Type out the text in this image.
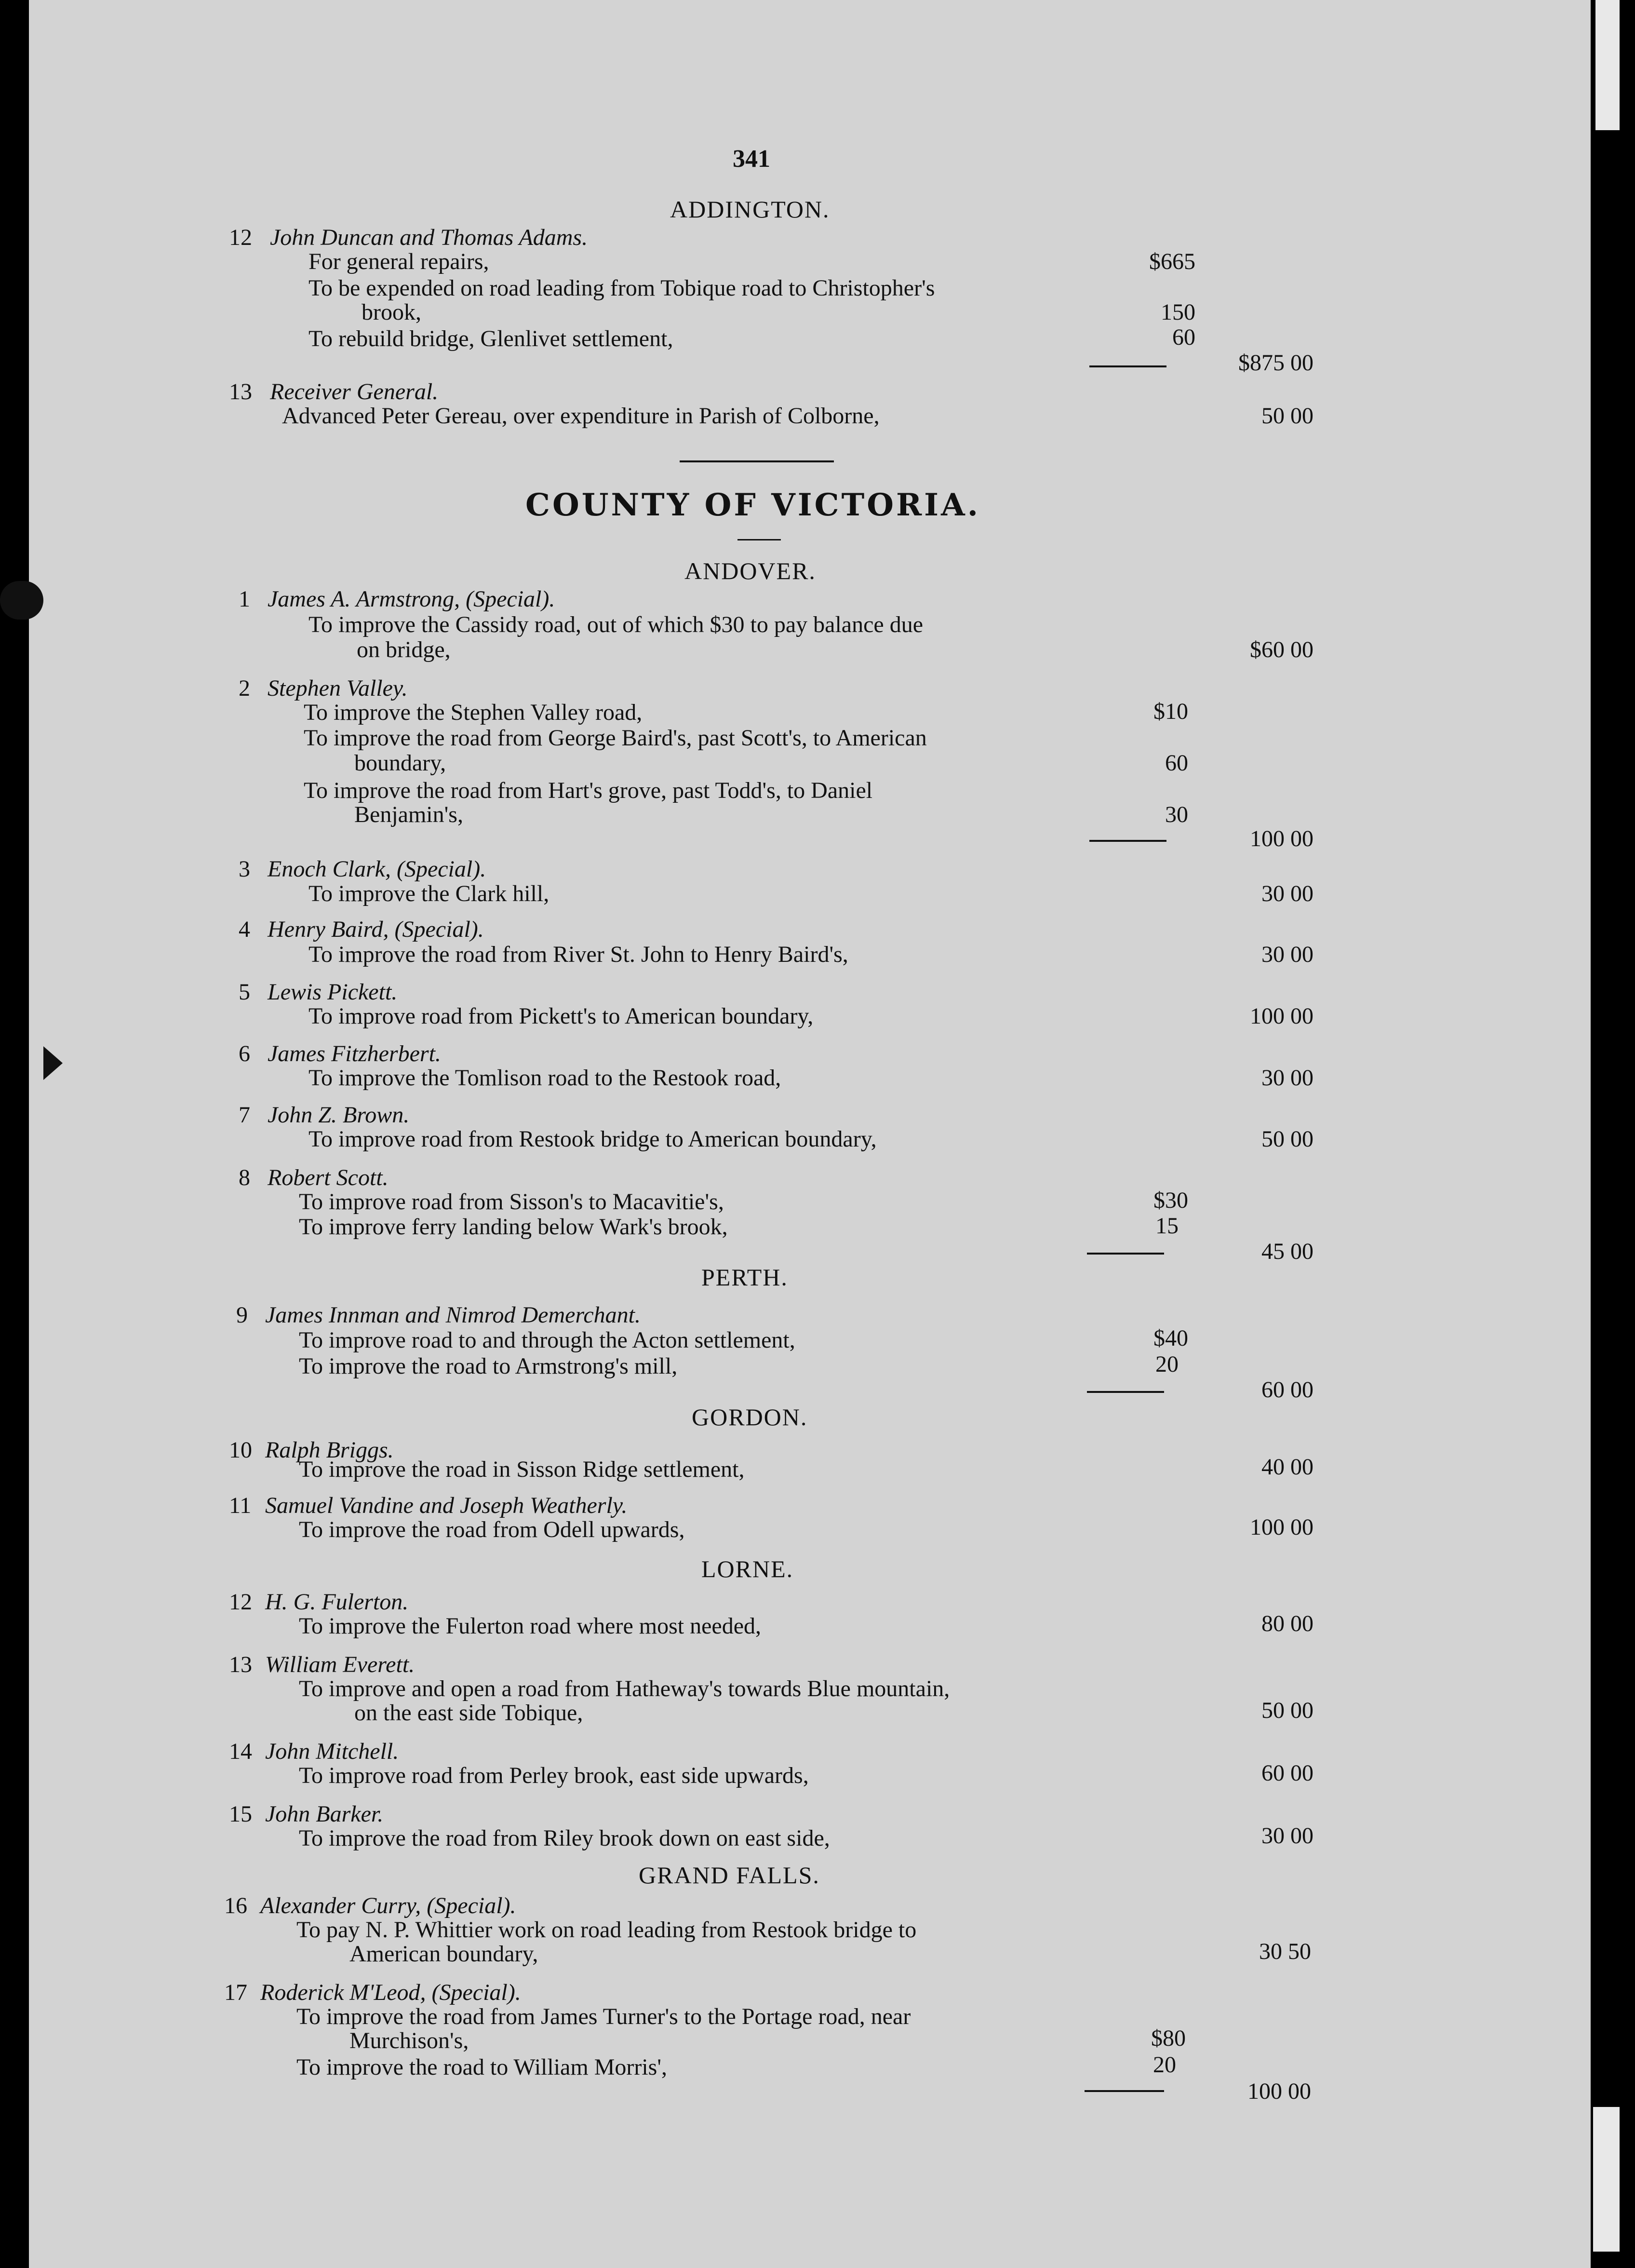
341
ADDINGTON.
12 John Duncan and Thomas Adams.
For general repairs,	$665
To be expended on road leading from Tobique road to Christopher's
brook,	150
To rebuild bridge, Glenlivet settlement,	60
$875 00
13 Receiver General.
Advanced Peter Gereau, over expenditure in Parish of Colborne,	50 00
COUNTY OF VICTORIA.
ANDOVER.
1 James A. Armstrong, (Special).
To improve the Cassidy road, out of which $30 to pay balance due
on bridge,	$60 00
2 Stephen Valley.
To improve the Stephen Valley road,	$10
To improve the road from George Baird's, past Scott's, to American
boundary,	60
To improve the road from Hart's grove, past Todd's, to Daniel
Benjamin's,	30
100 00
3 Enoch Clark, (Special).
To improve the Clark hill,	30 00
4 Henry Baird, (Special).
To improve the road from River St. John to Henry Baird's,	30 00
5 Lewis Pickett.
To improve road from Pickett's to American boundary,	100 00
6 James Fitzherbert.
To improve the Tomlison road to the Restook road,	30 00
7 John Z. Brown.
To improve road from Restook bridge to American boundary,	50 00
8 Robert Scott.
To improve road from Sisson's to Macavitie's,	$30
To improve ferry landing below Wark's brook,	15
45 00
PERTH.
9 James Innman and Nimrod Demerchant.
To improve road to and through the Acton settlement,	$40
To improve the road to Armstrong's mill,	20
60 00
GORDON.
10 Ralph Briggs.
To improve the road in Sisson Ridge settlement,	40 00
11 Samuel Vandine and Joseph Weatherly.
To improve the road from Odell upwards,	100 00
LORNE.
12 H. G. Fulerton.
To improve the Fulerton road where most needed,	80 00
13 William Everett.
To improve and open a road from Hatheway's towards Blue mountain,
on the east side Tobique,	50 00
14 John Mitchell.
To improve road from Perley brook, east side upwards,	60 00
15 John Barker.
To improve the road from Riley brook down on east side,	30 00
GRAND FALLS.
16 Alexander Curry, (Special).
To pay N. P. Whittier work on road leading from Restook bridge to
American boundary,	30 50
17 Roderick M'Leod, (Special).
To improve the road from James Turner's to the Portage road, near
Murchison's,	$80
To improve the road to William Morris',	20
100 00
